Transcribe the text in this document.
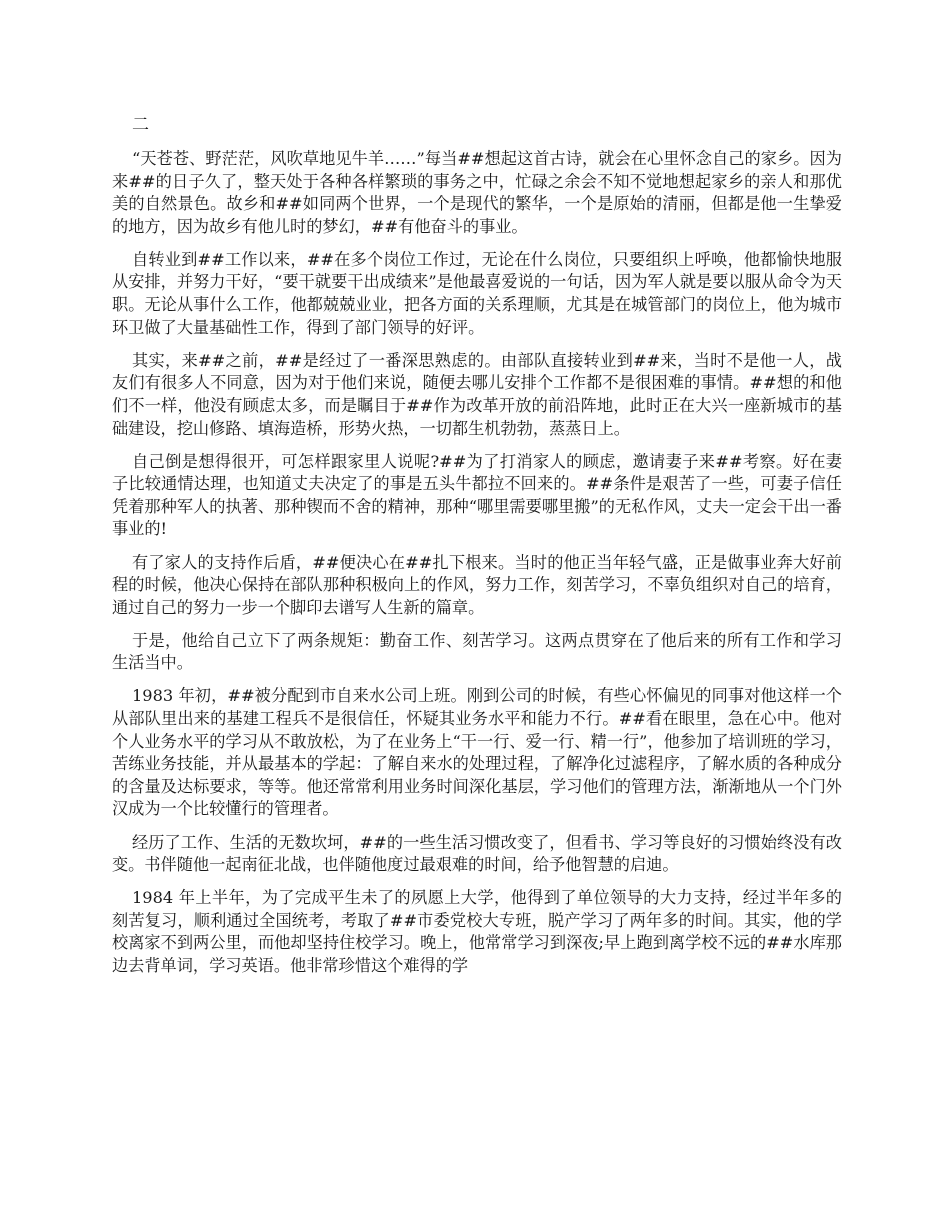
二

“天苍苍、野茫茫，风吹草地见牛羊……”每当##想起这首古诗，就会在心里怀念自己的家乡。因为来##的日子久了，整天处于各种各样繁琐的事务之中，忙碌之余会不知不觉地想起家乡的亲人和那优美的自然景色。故乡和##如同两个世界，一个是现代的繁华，一个是原始的清丽，但都是他一生挚爱的地方，因为故乡有他儿时的梦幻，##有他奋斗的事业。

自转业到##工作以来，##在多个岗位工作过，无论在什么岗位，只要组织上呼唤，他都愉快地服从安排，并努力干好，“要干就要干出成绩来”是他最喜爱说的一句话，因为军人就是要以服从命令为天职。无论从事什么工作，他都兢兢业业，把各方面的关系理顺，尤其是在城管部门的岗位上，他为城市环卫做了大量基础性工作，得到了部门领导的好评。

其实，来##之前，##是经过了一番深思熟虑的。由部队直接转业到##来，当时不是他一人，战友们有很多人不同意，因为对于他们来说，随便去哪儿安排个工作都不是很困难的事情。##想的和他们不一样，他没有顾虑太多，而是瞩目于##作为改革开放的前沿阵地，此时正在大兴一座新城市的基础建设，挖山修路、填海造桥，形势火热，一切都生机勃勃，蒸蒸日上。

自己倒是想得很开，可怎样跟家里人说呢?##为了打消家人的顾虑，邀请妻子来##考察。好在妻子比较通情达理，也知道丈夫决定了的事是五头牛都拉不回来的。##条件是艰苦了一些，可妻子信任凭着那种军人的执著、那种锲而不舍的精神，那种“哪里需要哪里搬”的无私作风，丈夫一定会干出一番事业的!

有了家人的支持作后盾，##便决心在##扎下根来。当时的他正当年轻气盛，正是做事业奔大好前程的时候，他决心保持在部队那种积极向上的作风，努力工作，刻苦学习，不辜负组织对自己的培育，通过自己的努力一步一个脚印去谱写人生新的篇章。

于是，他给自己立下了两条规矩：勤奋工作、刻苦学习。这两点贯穿在了他后来的所有工作和学习生活当中。

1983 年初，##被分配到市自来水公司上班。刚到公司的时候，有些心怀偏见的同事对他这样一个从部队里出来的基建工程兵不是很信任，怀疑其业务水平和能力不行。##看在眼里，急在心中。他对个人业务水平的学习从不敢放松，为了在业务上“干一行、爱一行、精一行”，他参加了培训班的学习，苦练业务技能，并从最基本的学起：了解自来水的处理过程，了解净化过滤程序，了解水质的各种成分的含量及达标要求，等等。他还常常利用业务时间深化基层，学习他们的管理方法，渐渐地从一个门外汉成为一个比较懂行的管理者。

经历了工作、生活的无数坎坷，##的一些生活习惯改变了，但看书、学习等良好的习惯始终没有改变。书伴随他一起南征北战，也伴随他度过最艰难的时间，给予他智慧的启迪。

1984 年上半年，为了完成平生未了的夙愿上大学，他得到了单位领导的大力支持，经过半年多的刻苦复习，顺利通过全国统考，考取了##市委党校大专班，脱产学习了两年多的时间。其实，他的学校离家不到两公里，而他却坚持住校学习。晚上，他常常学习到深夜;早上跑到离学校不远的##水库那边去背单词，学习英语。他非常珍惜这个难得的学
